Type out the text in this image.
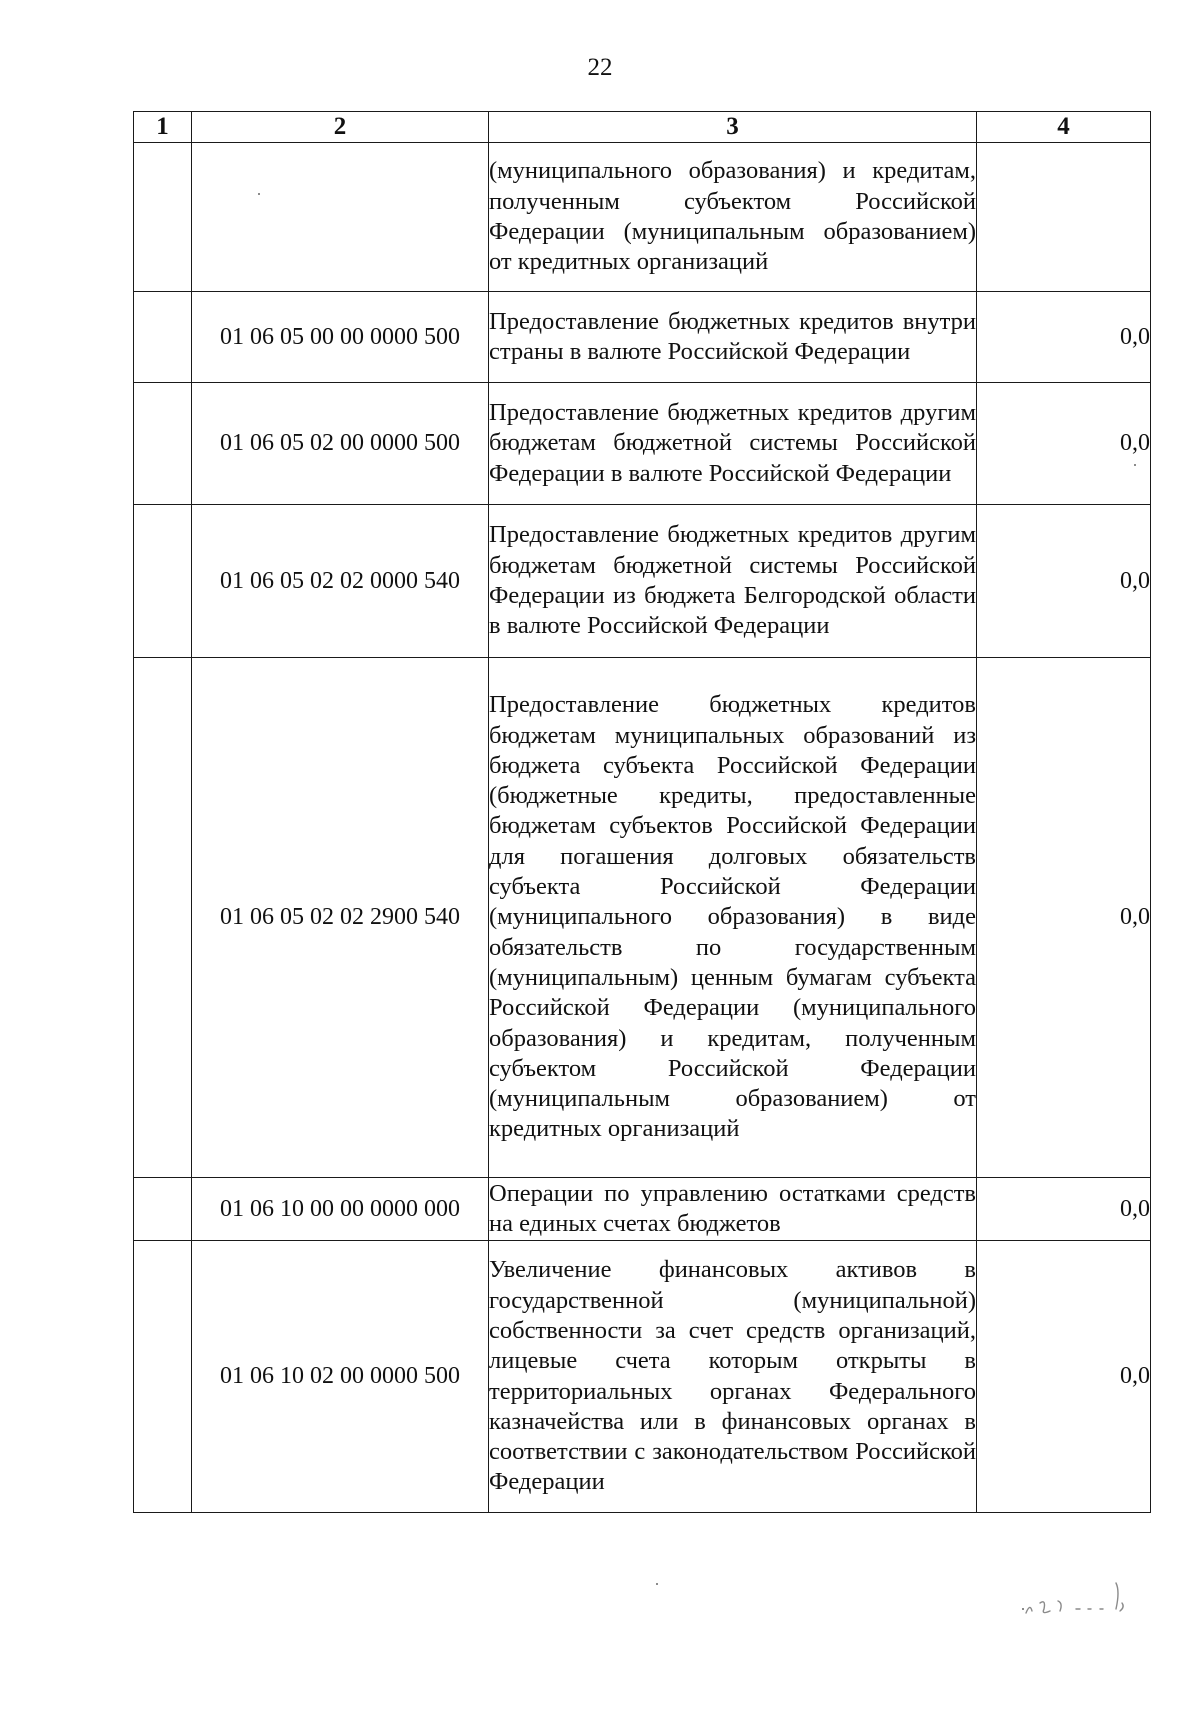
22
1	2	3	4
		(муниципального образования) и кредитам, полученным субъектом Российской Федерации (муниципальным образованием) от кредитных организаций	
	01 06 05 00 00 0000 500	Предоставление бюджетных кредитов внутри страны в валюте Российской Федерации	0,0
	01 06 05 02 00 0000 500	Предоставление бюджетных кредитов другим бюджетам бюджетной системы Российской Федерации в валюте Российской Федерации	0,0
	01 06 05 02 02 0000 540	Предоставление бюджетных кредитов другим бюджетам бюджетной системы Российской Федерации из бюджета Белгородской области в валюте Российской Федерации	0,0
	01 06 05 02 02 2900 540	Предоставление бюджетных кредитов бюджетам муниципальных образований из бюджета субъекта Российской Федерации (бюджетные кредиты, предоставленные бюджетам субъектов Российской Федерации для погашения долговых обязательств субъекта Российской Федерации (муниципального образования) в виде обязательств по государственным (муниципальным) ценным бумагам субъекта Российской Федерации (муниципального образования) и кредитам, полученным субъектом Российской Федерации (муниципальным образованием) от кредитных организаций	0,0
	01 06 10 00 00 0000 000	Операции по управлению остатками средств на единых счетах бюджетов	0,0
	01 06 10 02 00 0000 500	Увеличение финансовых активов в государственной (муниципальной) собственности за счет средств организаций, лицевые счета которым открыты в территориальных органах Федерального казначейства или в финансовых органах в соответствии с законодательством Российской Федерации	0,0
